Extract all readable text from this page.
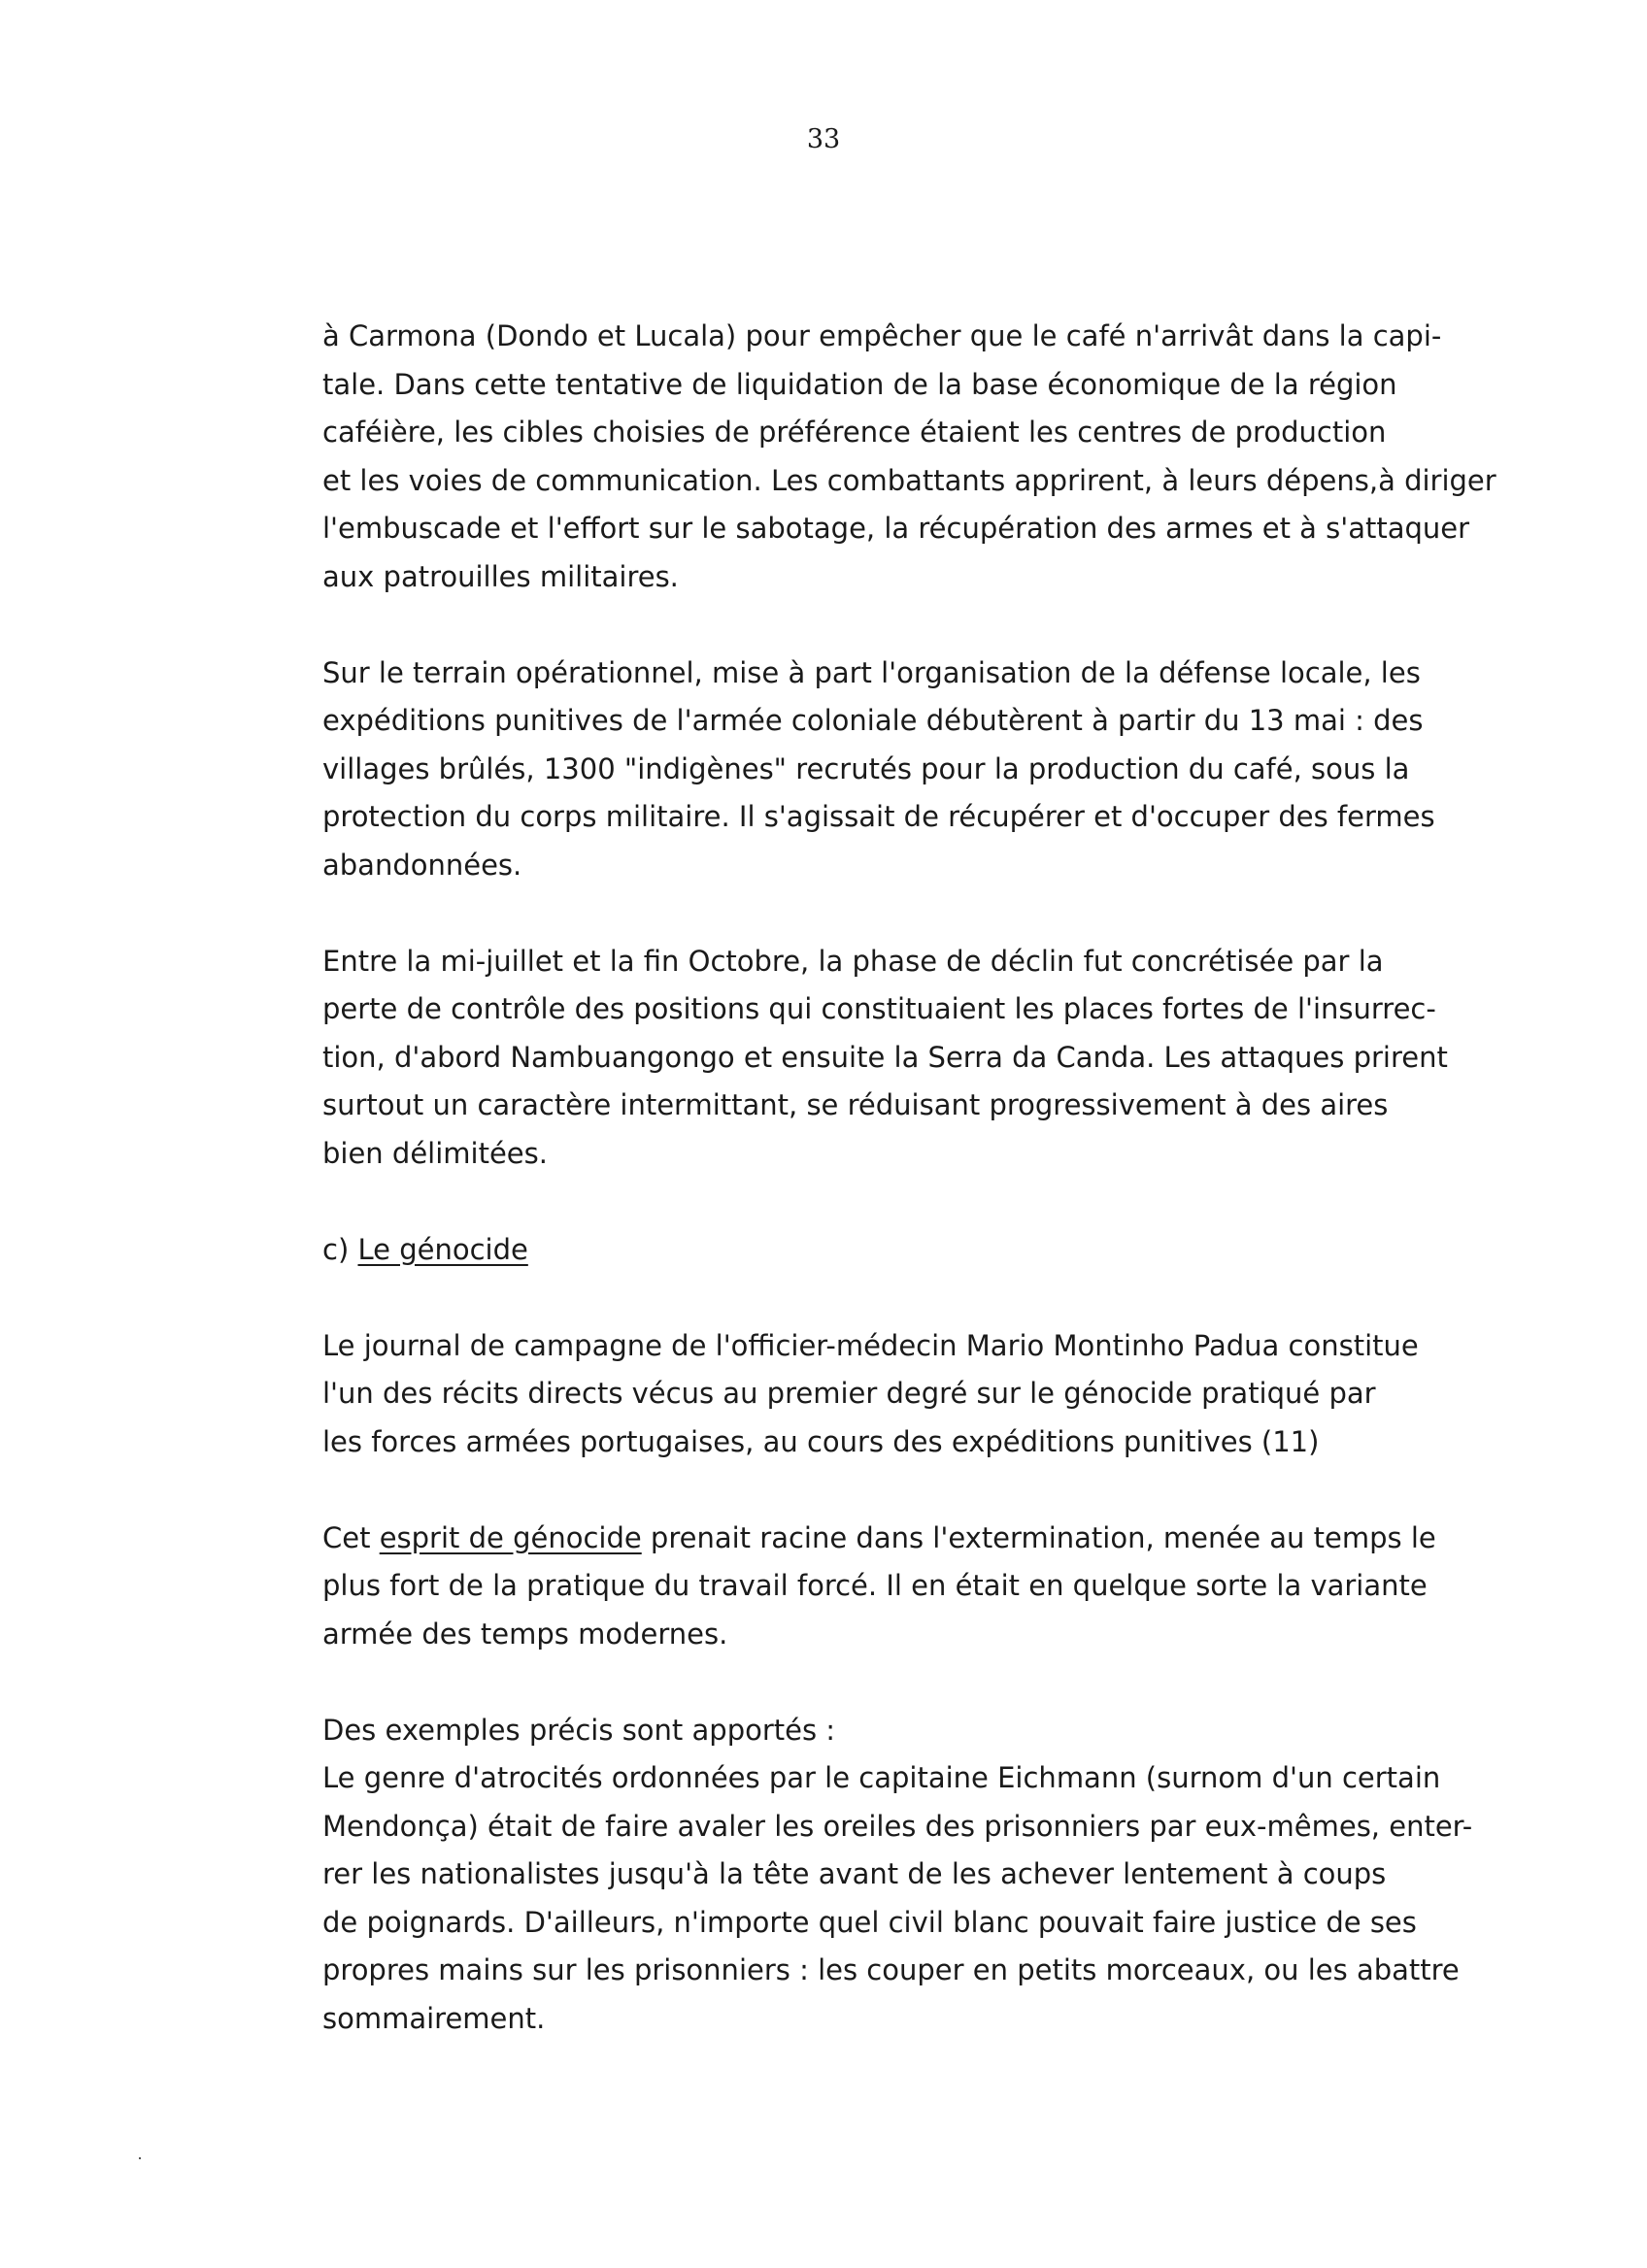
33
à Carmona (Dondo et Lucala) pour empêcher que le café n'arrivât dans la capi-
tale. Dans cette tentative de liquidation de la base économique de la région
caféière, les cibles choisies de préférence étaient les centres de production
et les voies de communication. Les combattants apprirent, à leurs dépens,à diriger
l'embuscade et l'effort sur le sabotage, la récupération des armes et à s'attaquer
aux patrouilles militaires.
Sur le terrain opérationnel, mise à part l'organisation de la défense locale, les
expéditions punitives de l'armée coloniale débutèrent à partir du 13 mai : des
villages brûlés, 1300 "indigènes" recrutés pour la production du café, sous la
protection du corps militaire. Il s'agissait de récupérer et d'occuper des fermes
abandonnées.
Entre la mi-juillet et la fin Octobre, la phase de déclin fut concrétisée par la
perte de contrôle des positions qui constituaient les places fortes de l'insurrec-
tion, d'abord Nambuangongo et ensuite la Serra da Canda. Les attaques prirent
surtout un caractère intermittant, se réduisant progressivement à des aires
bien délimitées.
c) Le génocide
Le journal de campagne de l'officier-médecin Mario Montinho Padua constitue
l'un des récits directs vécus au premier degré sur le génocide pratiqué par
les forces armées portugaises, au cours des expéditions punitives (11)
Cet esprit de génocide prenait racine dans l'extermination, menée au temps le
plus fort de la pratique du travail forcé. Il en était en quelque sorte la variante
armée des temps modernes.
Des exemples précis sont apportés :
Le genre d'atrocités ordonnées par le capitaine Eichmann (surnom d'un certain
Mendonça) était de faire avaler les oreiles des prisonniers par eux-mêmes, enter-
rer les nationalistes jusqu'à la tête avant de les achever lentement à coups
de poignards. D'ailleurs, n'importe quel civil blanc pouvait faire justice de ses
propres mains sur les prisonniers : les couper en petits morceaux, ou les abattre
sommairement.
